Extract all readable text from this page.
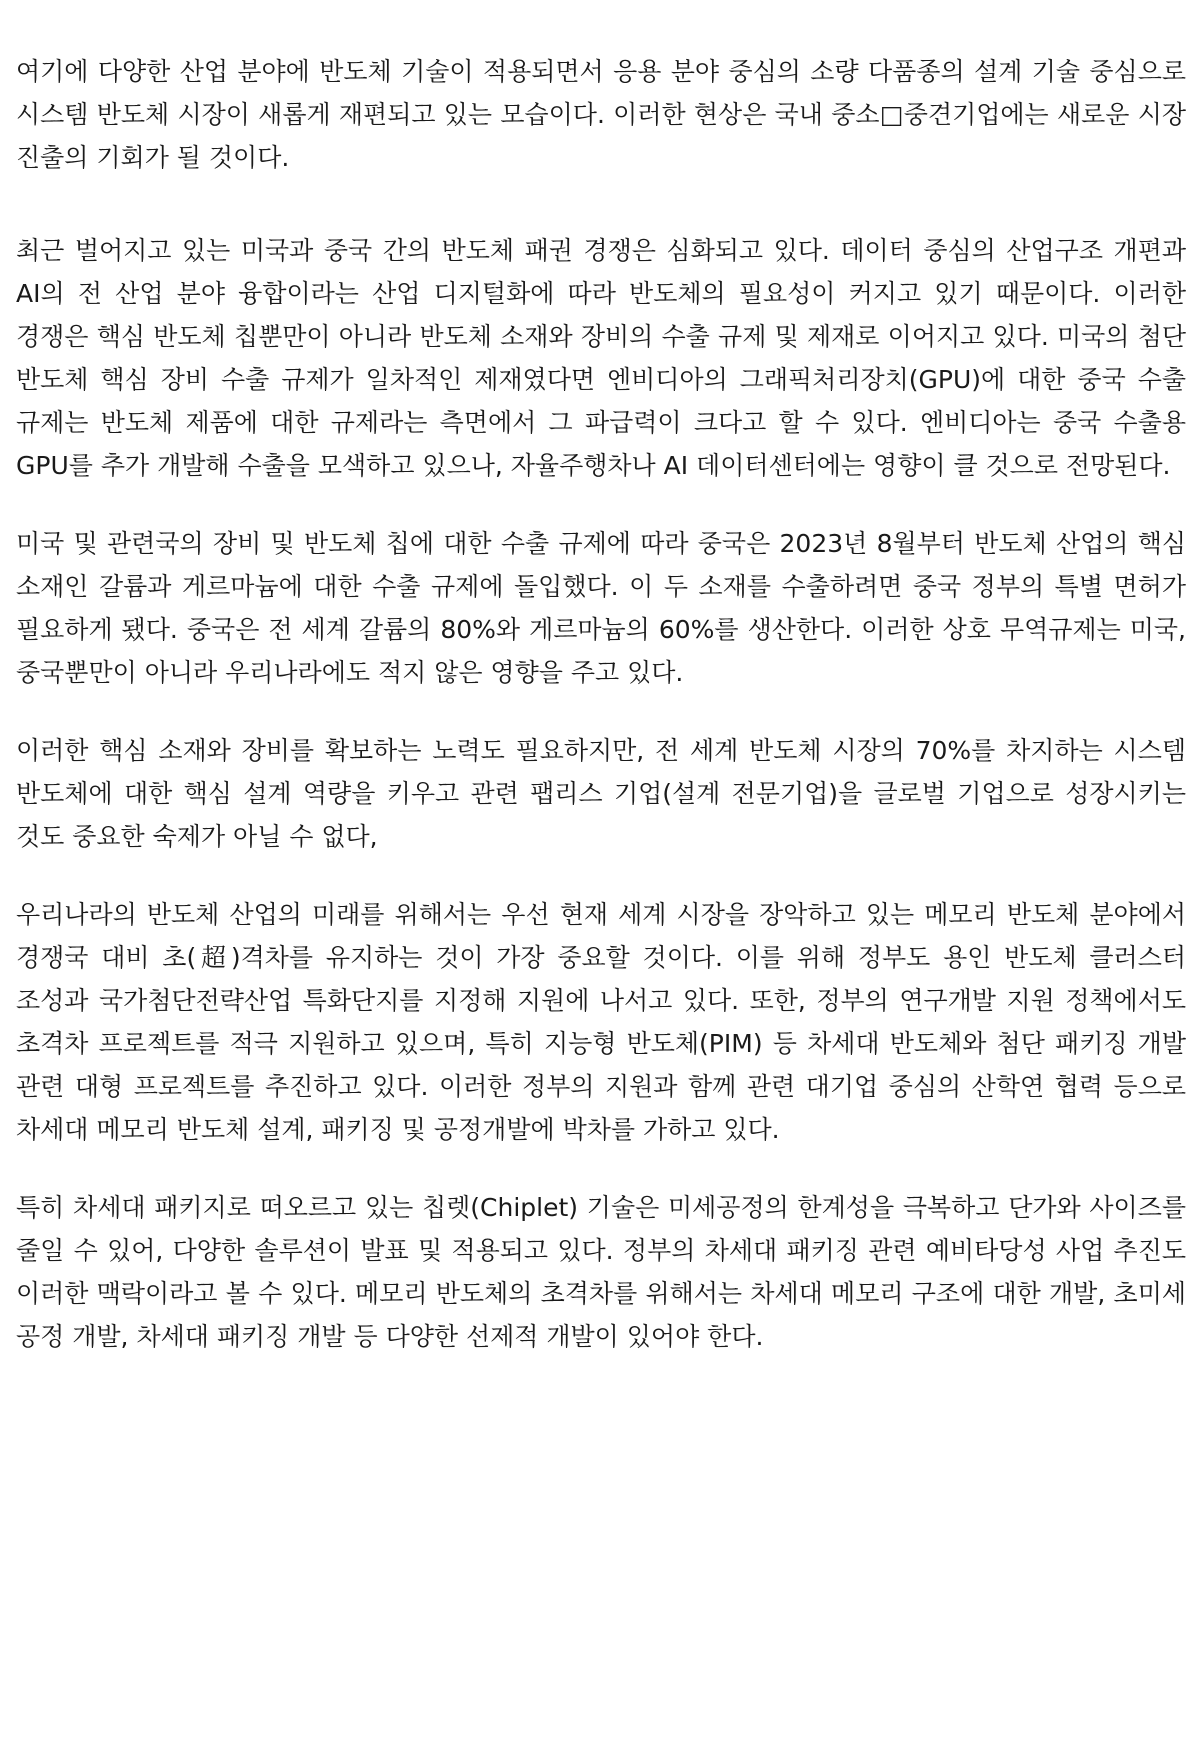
여기에 다양한 산업 분야에 반도체 기술이 적용되면서 응용 분야 중심의 소량 다품종의 설계 기술 중심으로 시스템 반도체 시장이 새롭게 재편되고 있는 모습이다. 이러한 현상은 국내 중소□중견기업에는 새로운 시장 진출의 기회가 될 것이다.

최근 벌어지고 있는 미국과 중국 간의 반도체 패권 경쟁은 심화되고 있다. 데이터 중심의 산업구조 개편과 AI의 전 산업 분야 융합이라는 산업 디지털화에 따라 반도체의 필요성이 커지고 있기 때문이다. 이러한 경쟁은 핵심 반도체 칩뿐만이 아니라 반도체 소재와 장비의 수출 규제 및 제재로 이어지고 있다. 미국의 첨단 반도체 핵심 장비 수출 규제가 일차적인 제재였다면 엔비디아의 그래픽처리장치(GPU)에 대한 중국 수출 규제는 반도체 제품에 대한 규제라는 측면에서 그 파급력이 크다고 할 수 있다. 엔비디아는 중국 수출용 GPU를 추가 개발해 수출을 모색하고 있으나, 자율주행차나 AI 데이터센터에는 영향이 클 것으로 전망된다.

미국 및 관련국의 장비 및 반도체 칩에 대한 수출 규제에 따라 중국은 2023년 8월부터 반도체 산업의 핵심 소재인 갈륨과 게르마늄에 대한 수출 규제에 돌입했다. 이 두 소재를 수출하려면 중국 정부의 특별 면허가 필요하게 됐다. 중국은 전 세계 갈륨의 80%와 게르마늄의 60%를 생산한다. 이러한 상호 무역규제는 미국, 중국뿐만이 아니라 우리나라에도 적지 않은 영향을 주고 있다.

이러한 핵심 소재와 장비를 확보하는 노력도 필요하지만, 전 세계 반도체 시장의 70%를 차지하는 시스템 반도체에 대한 핵심 설계 역량을 키우고 관련 팹리스 기업(설계 전문기업)을 글로벌 기업으로 성장시키는 것도 중요한 숙제가 아닐 수 없다,

우리나라의 반도체 산업의 미래를 위해서는 우선 현재 세계 시장을 장악하고 있는 메모리 반도체 분야에서 경쟁국 대비 초(超)격차를 유지하는 것이 가장 중요할 것이다. 이를 위해 정부도 용인 반도체 클러스터 조성과 국가첨단전략산업 특화단지를 지정해 지원에 나서고 있다. 또한, 정부의 연구개발 지원 정책에서도 초격차 프로젝트를 적극 지원하고 있으며, 특히 지능형 반도체(PIM) 등 차세대 반도체와 첨단 패키징 개발 관련 대형 프로젝트를 추진하고 있다. 이러한 정부의 지원과 함께 관련 대기업 중심의 산학연 협력 등으로 차세대 메모리 반도체 설계, 패키징 및 공정개발에 박차를 가하고 있다.

특히 차세대 패키지로 떠오르고 있는 칩렛(Chiplet) 기술은 미세공정의 한계성을 극복하고 단가와 사이즈를 줄일 수 있어, 다양한 솔루션이 발표 및 적용되고 있다. 정부의 차세대 패키징 관련 예비타당성 사업 추진도 이러한 맥락이라고 볼 수 있다. 메모리 반도체의 초격차를 위해서는 차세대 메모리 구조에 대한 개발, 초미세 공정 개발, 차세대 패키징 개발 등 다양한 선제적 개발이 있어야 한다.
